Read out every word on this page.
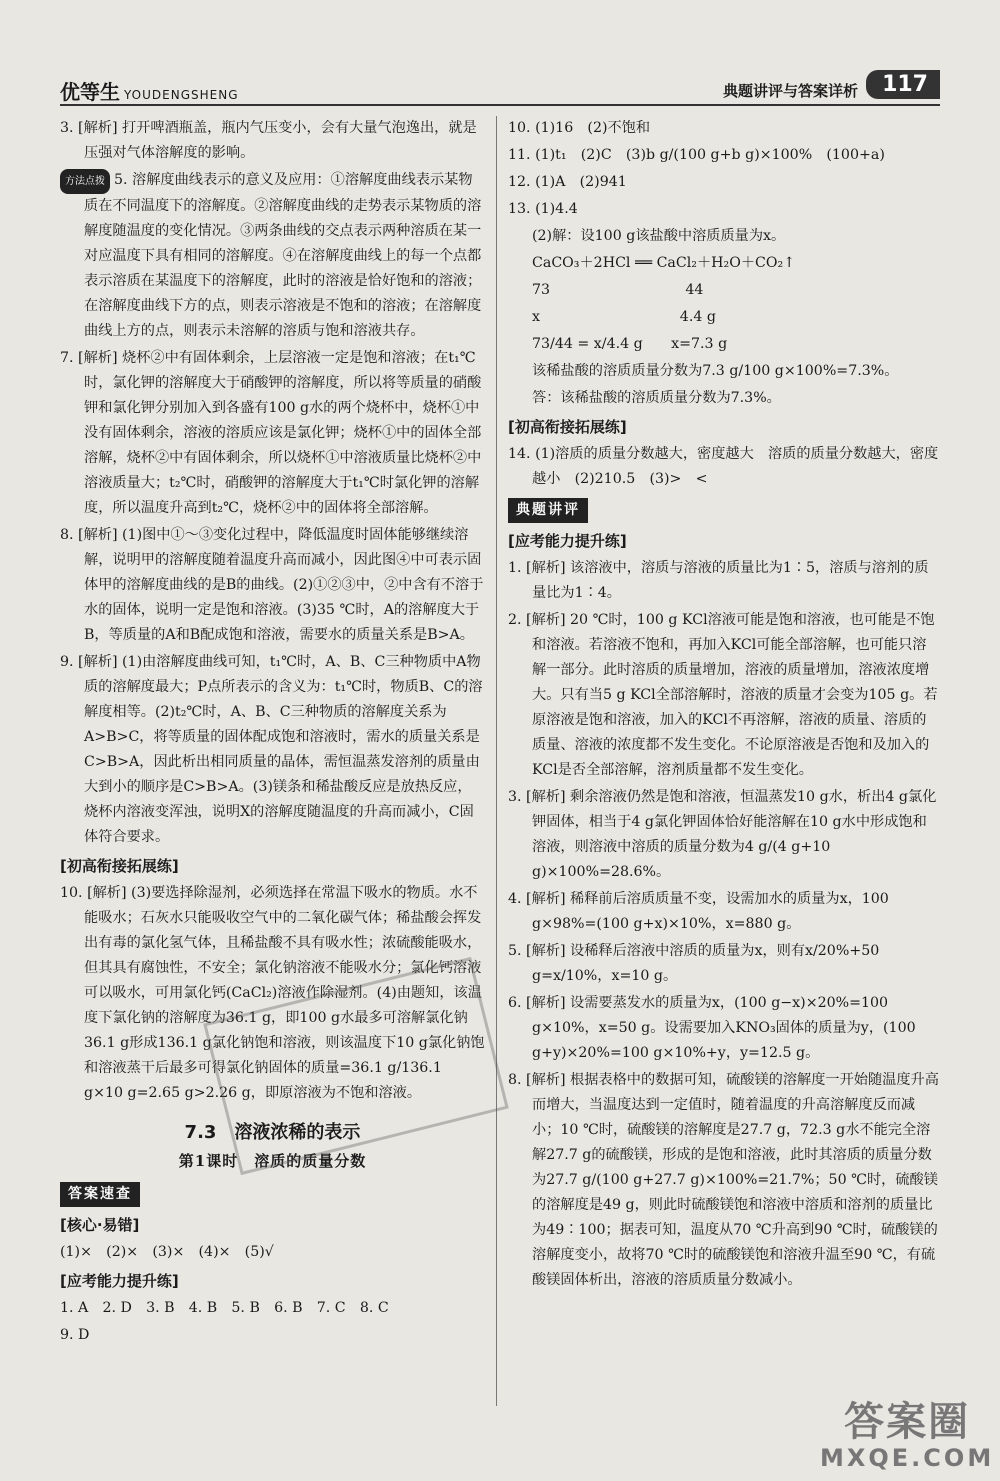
优等生 YOUDENGSHENG	典题讲评与答案详析	117

3. [解析] 打开啤酒瓶盖，瓶内气压变小，会有大量气泡逸出，就是压强对气体溶解度的影响。

方法点拨 5. 溶解度曲线表示的意义及应用：①溶解度曲线表示某物质在不同温度下的溶解度。②溶解度曲线的走势表示某物质的溶解度随温度的变化情况。③两条曲线的交点表示两种溶质在某一对应温度下具有相同的溶解度。④在溶解度曲线上的每一个点都表示溶质在某温度下的溶解度，此时的溶液是恰好饱和的溶液；在溶解度曲线下方的点，则表示溶液是不饱和的溶液；在溶解度曲线上方的点，则表示未溶解的溶质与饱和溶液共存。

7. [解析] 烧杯②中有固体剩余，上层溶液一定是饱和溶液；在t₁℃时，氯化钾的溶解度大于硝酸钾的溶解度，所以将等质量的硝酸钾和氯化钾分别加入到各盛有100 g水的两个烧杯中，烧杯①中没有固体剩余，溶液的溶质应该是氯化钾；烧杯①中的固体全部溶解，烧杯②中有固体剩余，所以烧杯①中溶液质量比烧杯②中溶液质量大；t₂℃时，硝酸钾的溶解度大于t₁℃时氯化钾的溶解度，所以温度升高到t₂℃，烧杯②中的固体将全部溶解。

8. [解析] (1)图中①～③变化过程中，降低温度时固体能够继续溶解，说明甲的溶解度随着温度升高而减小，因此图④中可表示固体甲的溶解度曲线的是B的曲线。(2)①②③中，②中含有不溶于水的固体，说明一定是饱和溶液。(3)35 ℃时，A的溶解度大于B，等质量的A和B配成饱和溶液，需要水的质量关系是B>A。

9. [解析] (1)由溶解度曲线可知，t₁℃时，A、B、C三种物质中A物质的溶解度最大；P点所表示的含义为：t₁℃时，物质B、C的溶解度相等。(2)t₂℃时，A、B、C三种物质的溶解度关系为A>B>C，将等质量的固体配成饱和溶液时，需水的质量关系是C>B>A，因此析出相同质量的晶体，需恒温蒸发溶剂的质量由大到小的顺序是C>B>A。(3)镁条和稀盐酸反应是放热反应，烧杯内溶液变浑浊，说明X的溶解度随温度的升高而减小，C固体符合要求。

[初高衔接拓展练]

10. [解析] (3)要选择除湿剂，必须选择在常温下吸水的物质。水不能吸水；石灰水只能吸收空气中的二氧化碳气体；稀盐酸会挥发出有毒的氯化氢气体，且稀盐酸不具有吸水性；浓硫酸能吸水，但其具有腐蚀性，不安全；氯化钠溶液不能吸水分；氯化钙溶液可以吸水，可用氯化钙(CaCl₂)溶液作除湿剂。(4)由题知，该温度下氯化钠的溶解度为36.1 g，即100 g水最多可溶解氯化钠36.1 g形成136.1 g氯化钠饱和溶液，则该温度下10 g氯化钠饱和溶液蒸干后最多可得氯化钠固体的质量=36.1 g/136.1 g×10 g=2.65 g>2.26 g，即原溶液为不饱和溶液。

7.3　溶液浓稀的表示
第1课时　溶质的质量分数
答案速查
[核心·易错]

(1)×　(2)×　(3)×　(4)×　(5)√

[应考能力提升练]

1. A　2. D　3. B　4. B　5. B　6. B　7. C　8. C

9. D

10. (1)16　(2)不饱和

11. (1)t₁　(2)C　(3)b g/(100 g+b g)×100%　(100+a)

12. (1)A　(2)941

13. (1)4.4

(2)解：设100 g该盐酸中溶质质量为x。

CaCO₃＋2HCl ══ CaCl₂＋H₂O＋CO₂↑

73                              44

x                               4.4 g

73/44 = x/4.4 g　　x=7.3 g

该稀盐酸的溶质质量分数为7.3 g/100 g×100%=7.3%。

答：该稀盐酸的溶质质量分数为7.3%。

[初高衔接拓展练]

14. (1)溶质的质量分数越大，密度越大　溶质的质量分数越大，密度越小　(2)210.5　(3)>　<

典题讲评
[应考能力提升练]

1. [解析] 该溶液中，溶质与溶液的质量比为1∶5，溶质与溶剂的质量比为1∶4。

2. [解析] 20 ℃时，100 g KCl溶液可能是饱和溶液，也可能是不饱和溶液。若溶液不饱和，再加入KCl可能全部溶解，也可能只溶解一部分。此时溶质的质量增加，溶液的质量增加，溶液浓度增大。只有当5 g KCl全部溶解时，溶液的质量才会变为105 g。若原溶液是饱和溶液，加入的KCl不再溶解，溶液的质量、溶质的质量、溶液的浓度都不发生变化。不论原溶液是否饱和及加入的KCl是否全部溶解，溶剂质量都不发生变化。

3. [解析] 剩余溶液仍然是饱和溶液，恒温蒸发10 g水，析出4 g氯化钾固体，相当于4 g氯化钾固体恰好能溶解在10 g水中形成饱和溶液，则溶液中溶质的质量分数为4 g/(4 g+10 g)×100%=28.6%。

4. [解析] 稀释前后溶质质量不变，设需加水的质量为x，100 g×98%=(100 g+x)×10%，x=880 g。

5. [解析] 设稀释后溶液中溶质的质量为x，则有x/20%+50 g=x/10%，x=10 g。

6. [解析] 设需要蒸发水的质量为x，(100 g−x)×20%=100 g×10%，x=50 g。设需要加入KNO₃固体的质量为y，(100 g+y)×20%=100 g×10%+y，y=12.5 g。

8. [解析] 根据表格中的数据可知，硫酸镁的溶解度一开始随温度升高而增大，当温度达到一定值时，随着温度的升高溶解度反而减小；10 ℃时，硫酸镁的溶解度是27.7 g，72.3 g水不能完全溶解27.7 g的硫酸镁，形成的是饱和溶液，此时其溶质的质量分数为27.7 g/(100 g+27.7 g)×100%=21.7%；50 ℃时，硫酸镁的溶解度是49 g，则此时硫酸镁饱和溶液中溶质和溶剂的质量比为49∶100；据表可知，温度从70 ℃升高到90 ℃时，硫酸镁的溶解度变小，故将70 ℃时的硫酸镁饱和溶液升温至90 ℃，有硫酸镁固体析出，溶液的溶质质量分数减小。

答案圈
MXQE.COM
